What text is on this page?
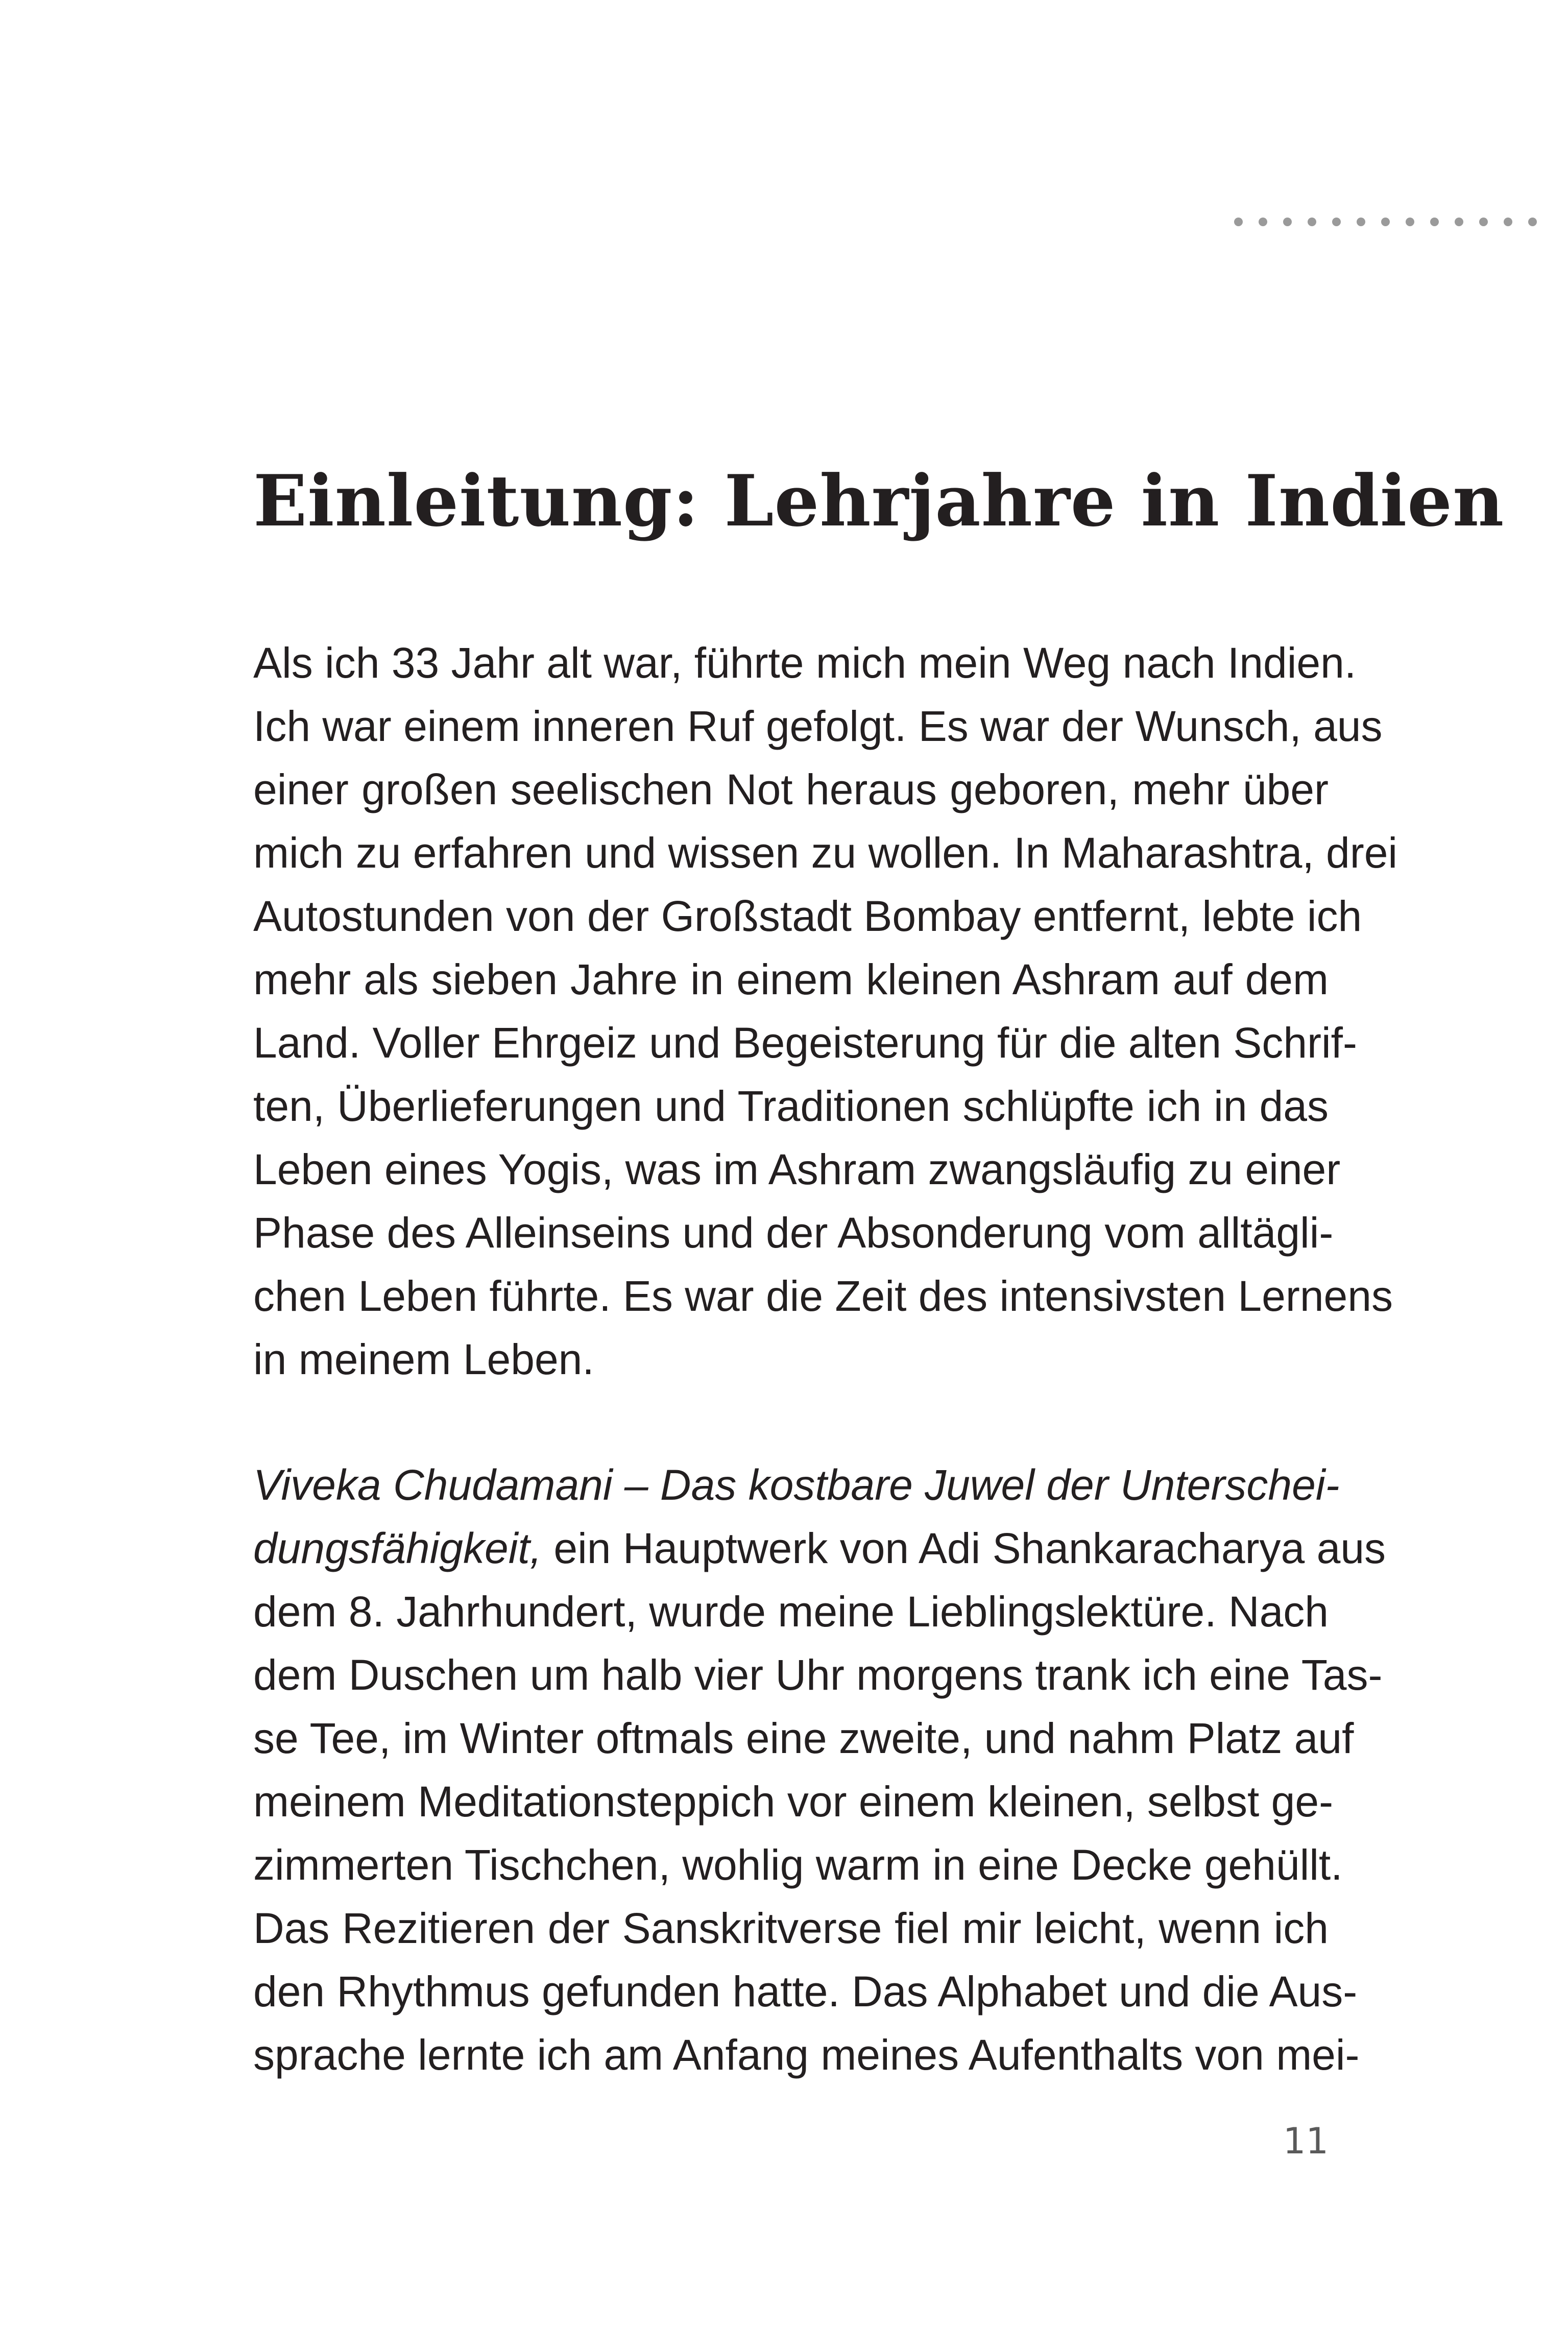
Einleitung: Lehrjahre in Indien
Als ich 33 Jahr alt war, führte mich mein Weg nach Indien.
Ich war einem inneren Ruf gefolgt. Es war der Wunsch, aus
einer großen seelischen Not heraus geboren, mehr über
mich zu erfahren und wissen zu wollen. In Maharashtra, drei
Autostunden von der Großstadt Bombay entfernt, lebte ich
mehr als sieben Jahre in einem kleinen Ashram auf dem
Land. Voller Ehrgeiz und Begeisterung für die alten Schrif-
ten, Überlieferungen und Traditionen schlüpfte ich in das
Leben eines Yogis, was im Ashram zwangsläufig zu einer
Phase des Alleinseins und der Absonderung vom alltägli-
chen Leben führte. Es war die Zeit des intensivsten Lernens
in meinem Leben.
Viveka Chudamani – Das kostbare Juwel der Unterschei-
dungsfähigkeit, ein Hauptwerk von Adi Shankaracharya aus
dem 8. Jahrhundert, wurde meine Lieblingslektüre. Nach
dem Duschen um halb vier Uhr morgens trank ich eine Tas-
se Tee, im Winter oftmals eine zweite, und nahm Platz auf
meinem Meditationsteppich vor einem kleinen, selbst ge-
zimmerten Tischchen, wohlig warm in eine Decke gehüllt.
Das Rezitieren der Sanskritverse fiel mir leicht, wenn ich
den Rhythmus gefunden hatte. Das Alphabet und die Aus-
sprache lernte ich am Anfang meines Aufenthalts von mei-
11
